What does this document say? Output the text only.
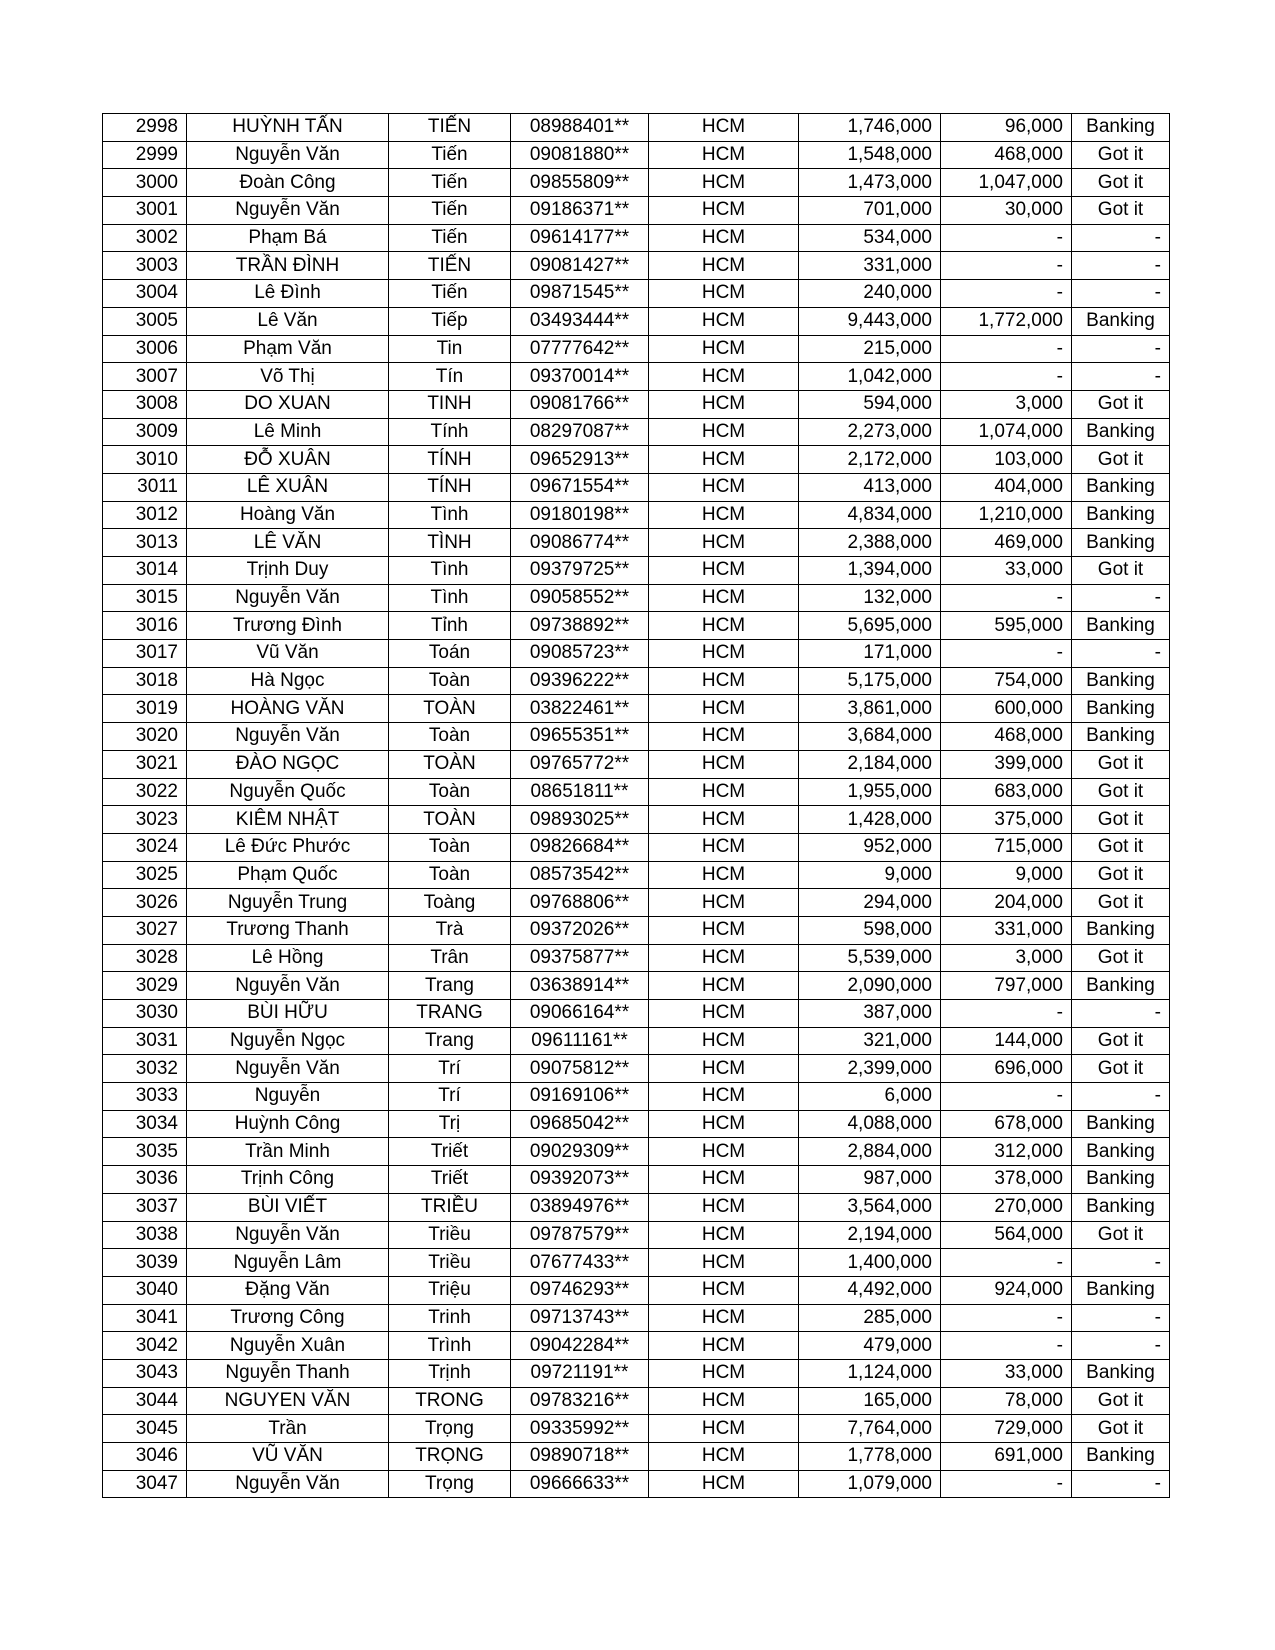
2998	HUỲNH TẤN	TIẾN	08988401**	HCM	1,746,000	96,000	Banking
2999	Nguyễn Văn	Tiến	09081880**	HCM	1,548,000	468,000	Got it
3000	Đoàn Công	Tiến	09855809**	HCM	1,473,000	1,047,000	Got it
3001	Nguyễn Văn	Tiến	09186371**	HCM	701,000	30,000	Got it
3002	Phạm Bá	Tiến	09614177**	HCM	534,000	-	-
3003	TRẦN ĐÌNH	TIẾN	09081427**	HCM	331,000	-	-
3004	Lê Đình	Tiến	09871545**	HCM	240,000	-	-
3005	Lê Văn	Tiếp	03493444**	HCM	9,443,000	1,772,000	Banking
3006	Phạm Văn	Tin	07777642**	HCM	215,000	-	-
3007	Võ Thị	Tín	09370014**	HCM	1,042,000	-	-
3008	DO XUAN	TINH	09081766**	HCM	594,000	3,000	Got it
3009	Lê Minh	Tính	08297087**	HCM	2,273,000	1,074,000	Banking
3010	ĐỖ XUÂN	TÍNH	09652913**	HCM	2,172,000	103,000	Got it
3011	LÊ XUÂN	TÍNH	09671554**	HCM	413,000	404,000	Banking
3012	Hoàng Văn	Tình	09180198**	HCM	4,834,000	1,210,000	Banking
3013	LÊ VĂN	TÌNH	09086774**	HCM	2,388,000	469,000	Banking
3014	Trịnh Duy	Tình	09379725**	HCM	1,394,000	33,000	Got it
3015	Nguyễn Văn	Tình	09058552**	HCM	132,000	-	-
3016	Trương Đình	Tỉnh	09738892**	HCM	5,695,000	595,000	Banking
3017	Vũ Văn	Toán	09085723**	HCM	171,000	-	-
3018	Hà Ngọc	Toàn	09396222**	HCM	5,175,000	754,000	Banking
3019	HOÀNG VĂN	TOÀN	03822461**	HCM	3,861,000	600,000	Banking
3020	Nguyễn Văn	Toàn	09655351**	HCM	3,684,000	468,000	Banking
3021	ĐÀO NGỌC	TOÀN	09765772**	HCM	2,184,000	399,000	Got it
3022	Nguyễn Quốc	Toàn	08651811**	HCM	1,955,000	683,000	Got it
3023	KIÊM NHẬT	TOÀN	09893025**	HCM	1,428,000	375,000	Got it
3024	Lê Đức Phước	Toàn	09826684**	HCM	952,000	715,000	Got it
3025	Phạm Quốc	Toàn	08573542**	HCM	9,000	9,000	Got it
3026	Nguyễn Trung	Toàng	09768806**	HCM	294,000	204,000	Got it
3027	Trương Thanh	Trà	09372026**	HCM	598,000	331,000	Banking
3028	Lê Hồng	Trân	09375877**	HCM	5,539,000	3,000	Got it
3029	Nguyễn Văn	Trang	03638914**	HCM	2,090,000	797,000	Banking
3030	BÙI HỮU	TRANG	09066164**	HCM	387,000	-	-
3031	Nguyễn Ngọc	Trang	09611161**	HCM	321,000	144,000	Got it
3032	Nguyễn Văn	Trí	09075812**	HCM	2,399,000	696,000	Got it
3033	Nguyễn	Trí	09169106**	HCM	6,000	-	-
3034	Huỳnh Công	Trị	09685042**	HCM	4,088,000	678,000	Banking
3035	Trần Minh	Triết	09029309**	HCM	2,884,000	312,000	Banking
3036	Trịnh Công	Triết	09392073**	HCM	987,000	378,000	Banking
3037	BÙI VIẾT	TRIỀU	03894976**	HCM	3,564,000	270,000	Banking
3038	Nguyễn Văn	Triều	09787579**	HCM	2,194,000	564,000	Got it
3039	Nguyễn Lâm	Triều	07677433**	HCM	1,400,000	-	-
3040	Đặng Văn	Triệu	09746293**	HCM	4,492,000	924,000	Banking
3041	Trương Công	Trinh	09713743**	HCM	285,000	-	-
3042	Nguyễn Xuân	Trình	09042284**	HCM	479,000	-	-
3043	Nguyễn Thanh	Trịnh	09721191**	HCM	1,124,000	33,000	Banking
3044	NGUYEN VĂN	TRONG	09783216**	HCM	165,000	78,000	Got it
3045	Trần	Trọng	09335992**	HCM	7,764,000	729,000	Got it
3046	VŨ VĂN	TRỌNG	09890718**	HCM	1,778,000	691,000	Banking
3047	Nguyễn Văn	Trọng	09666633**	HCM	1,079,000	-	-
